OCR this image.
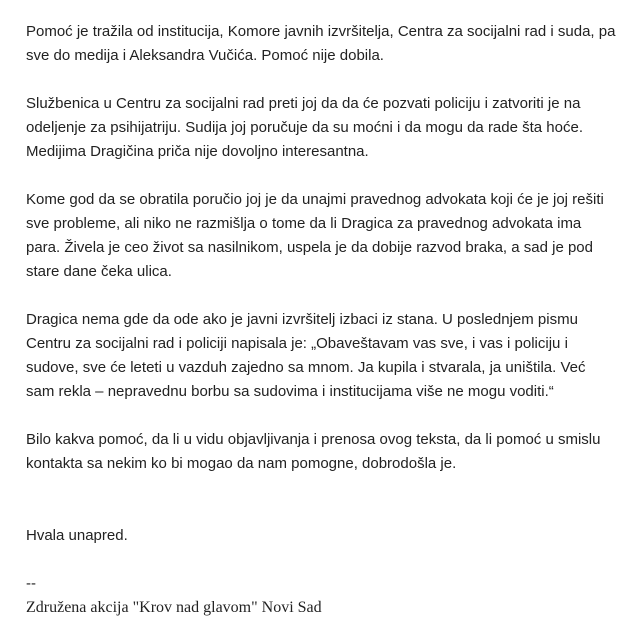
Pomoć je tražila od institucija, Komore javnih izvršitelja, Centra za socijalni rad i suda, pa sve do medija i Aleksandra Vučića. Pomoć nije dobila.

Službenica u Centru za socijalni rad preti joj da da će pozvati policiju i zatvoriti je na odeljenje za psihijatriju. Sudija joj poručuje da su moćni i da mogu da rade šta hoće. Medijima Dragičina priča nije dovoljno interesantna.

Kome god da se obratila poručio joj je da unajmi pravednog advokata koji će je joj rešiti sve probleme, ali niko ne razmišlja o tome da li Dragica za pravednog advokata ima para. Živela je ceo život sa nasilnikom, uspela je da dobije razvod braka, a sad je pod stare dane čeka ulica.

Dragica nema gde da ode ako je javni izvršitelj izbaci iz stana. U poslednjem pismu Centru za socijalni rad i policiji napisala je: „Obaveštavam vas sve, i vas i policiju i sudove, sve će leteti u vazduh zajedno sa mnom. Ja kupila i stvarala, ja uništila. Već sam rekla – nepravednu borbu sa sudovima i institucijama više ne mogu voditi.“

Bilo kakva pomoć, da li u vidu objavljivanja i prenosa ovog teksta, da li pomoć u smislu kontakta sa nekim ko bi mogao da nam pomogne, dobrodošla je.

Hvala unapred.

--

Združena akcija "Krov nad glavom" Novi Sad
